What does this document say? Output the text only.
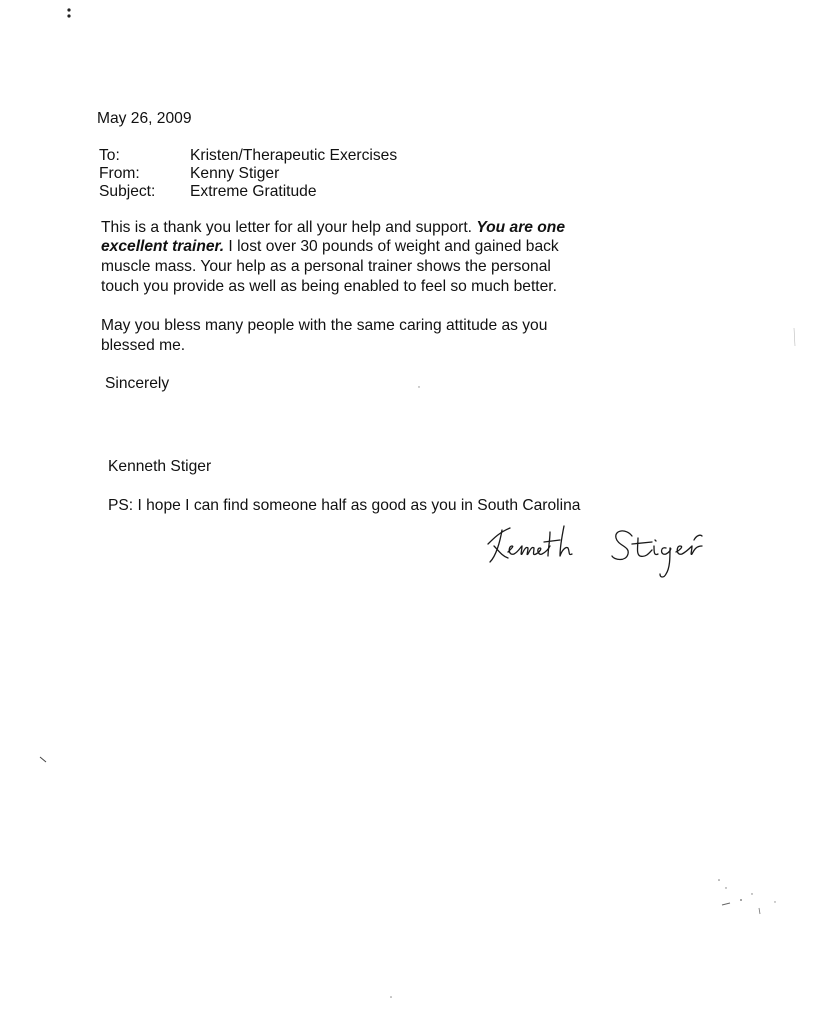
May 26, 2009
To:	Kristen/Therapeutic Exercises
From:	Kenny Stiger
Subject: Extreme Gratitude
This is a thank you letter for all your help and support. You are one
excellent trainer. I lost over 30 pounds of weight and gained back
muscle mass. Your help as a personal trainer shows the personal
touch you provide as well as being enabled to feel so much better.
May you bless many people with the same caring attitude as you
blessed me.
Sincerely
Kenneth Stiger
PS: I hope I can find someone half as good as you in South Carolina
